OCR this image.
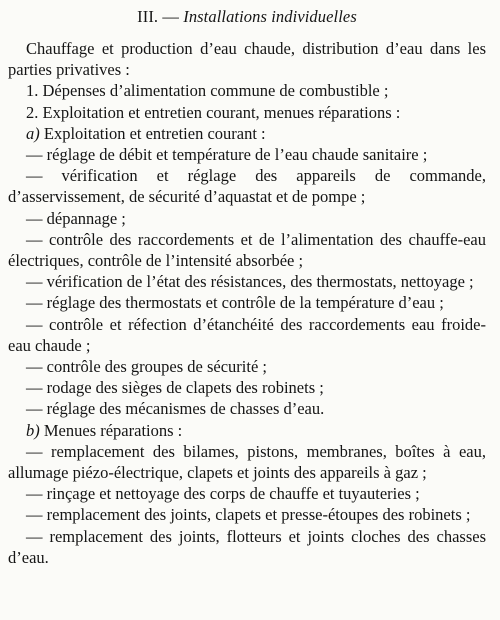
III. — Installations individuelles

Chauffage et production d’eau chaude, distribution d’eau dans les parties privatives :

1. Dépenses d’alimentation commune de combustible ;

2. Exploitation et entretien courant, menues réparations :

a) Exploitation et entretien courant :

— réglage de débit et température de l’eau chaude sanitaire ;

— vérification et réglage des appareils de commande, d’asservissement, de sécurité d’aquastat et de pompe ;

— dépannage ;

— contrôle des raccordements et de l’alimentation des chauffe-eau électriques, contrôle de l’intensité absorbée ;

— vérification de l’état des résistances, des thermostats, nettoyage ;

— réglage des thermostats et contrôle de la température d’eau ;

— contrôle et réfection d’étanchéité des raccordements eau froide-eau chaude ;

— contrôle des groupes de sécurité ;

— rodage des sièges de clapets des robinets ;

— réglage des mécanismes de chasses d’eau.

b) Menues réparations :

— remplacement des bilames, pistons, membranes, boîtes à eau, allumage piézo-électrique, clapets et joints des appareils à gaz ;

— rinçage et nettoyage des corps de chauffe et tuyauteries ;

— remplacement des joints, clapets et presse-étoupes des robinets ;

— remplacement des joints, flotteurs et joints cloches des chasses d’eau.
